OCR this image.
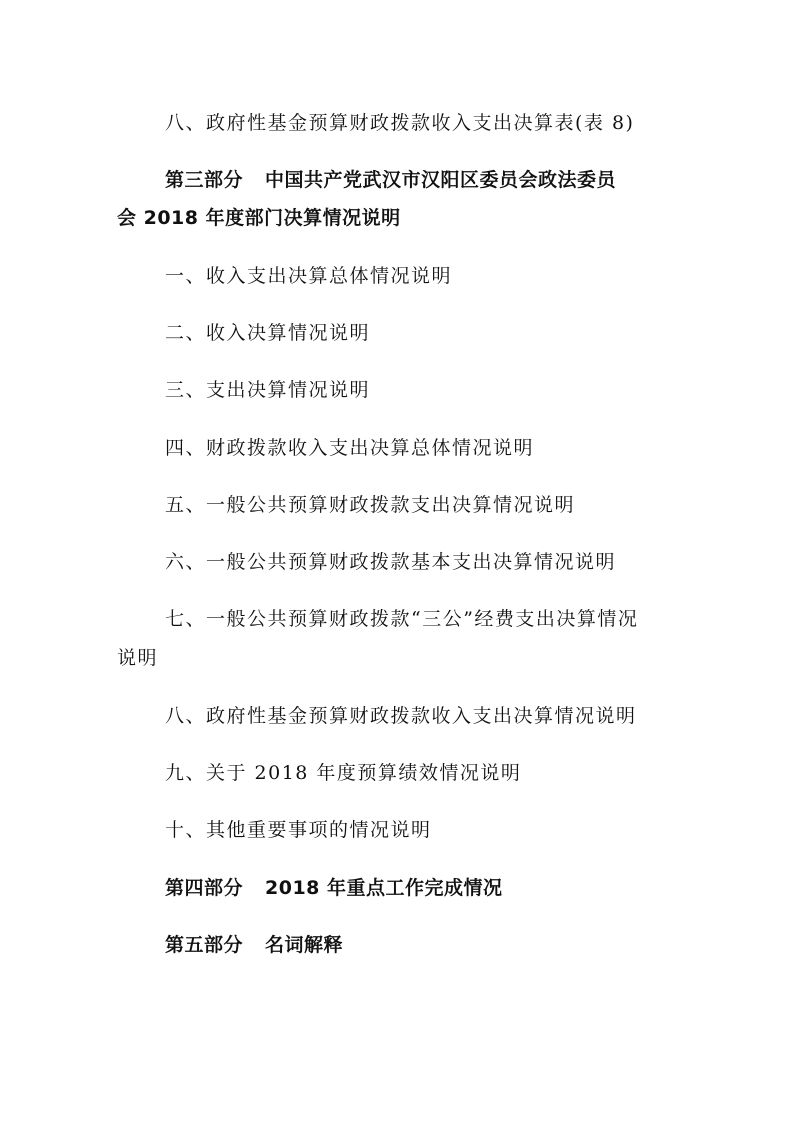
八、政府性基金预算财政拨款收入支出决算表(表 8)

第三部分 中国共产党武汉市汉阳区委员会政法委员

会 2018 年度部门决算情况说明

一、收入支出决算总体情况说明

二、收入决算情况说明

三、支出决算情况说明

四、财政拨款收入支出决算总体情况说明

五、一般公共预算财政拨款支出决算情况说明

六、一般公共预算财政拨款基本支出决算情况说明

七、一般公共预算财政拨款“三公”经费支出决算情况

说明

八、政府性基金预算财政拨款收入支出决算情况说明

九、关于 2018 年度预算绩效情况说明

十、其他重要事项的情况说明

第四部分 2018 年重点工作完成情况

第五部分 名词解释
